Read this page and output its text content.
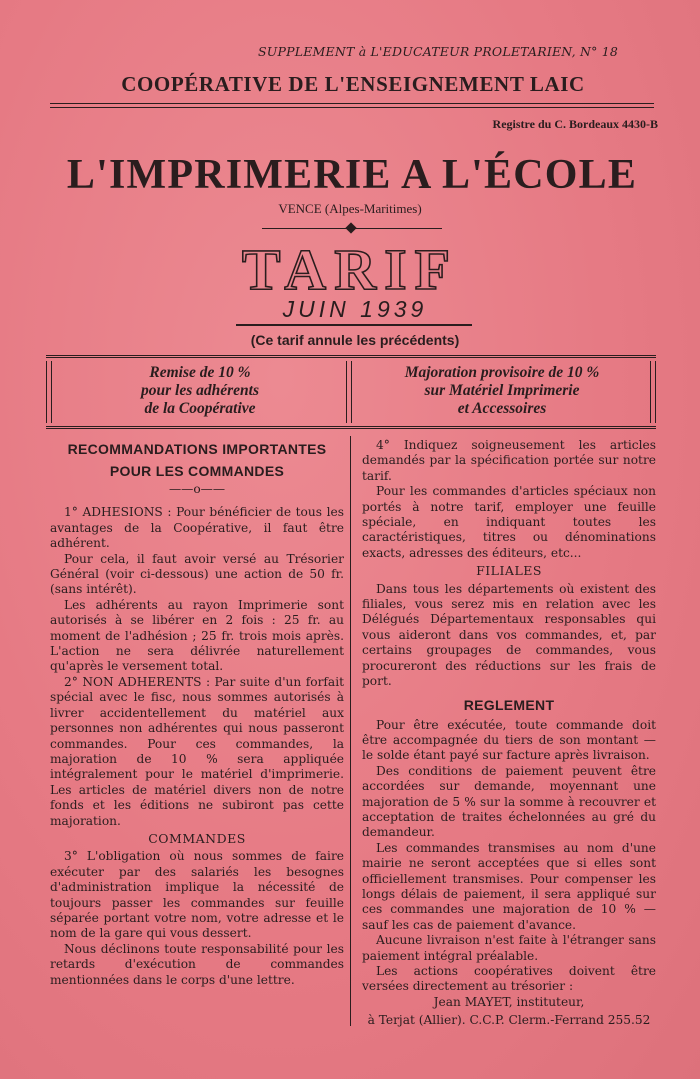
SUPPLEMENT à L'EDUCATEUR PROLETARIEN, N° 18
COOPÉRATIVE DE L'ENSEIGNEMENT LAIC
Registre du C. Bordeaux 4430-B
L'IMPRIMERIE A L'ÉCOLE
VENCE (Alpes-Maritimes)
TARIF
JUIN 1939
(Ce tarif annule les précédents)
Remise de 10 %
pour les adhérents
de la Coopérative
Majoration provisoire de 10 %
sur Matériel Imprimerie
et Accessoires
RECOMMANDATIONS IMPORTANTES
POUR LES COMMANDES
——o——

1° ADHESIONS : Pour bénéficier de tous les avantages de la Coopérative, il faut être adhérent.

Pour cela, il faut avoir versé au Trésorier Général (voir ci-dessous) une action de 50 fr. (sans intérêt).

Les adhérents au rayon Imprimerie sont autorisés à se libérer en 2 fois : 25 fr. au moment de l'adhésion ; 25 fr. trois mois après. L'action ne sera délivrée naturellement qu'après le versement total.

2° NON ADHERENTS : Par suite d'un forfait spécial avec le fisc, nous sommes autorisés à livrer accidentellement du matériel aux personnes non adhérentes qui nous passeront commandes. Pour ces commandes, la majoration de 10 % sera appliquée intégralement pour le matériel d'imprimerie. Les articles de matériel divers non de notre fonds et les éditions ne subiront pas cette majoration.

COMMANDES

3° L'obligation où nous sommes de faire exécuter par des salariés les besognes d'administration implique la nécessité de toujours passer les commandes sur feuille séparée portant votre nom, votre adresse et le nom de la gare qui vous dessert.

Nous déclinons toute responsabilité pour les retards d'exécution de commandes mentionnées dans le corps d'une lettre.

4° Indiquez soigneusement les articles demandés par la spécification portée sur notre tarif.

Pour les commandes d'articles spéciaux non portés à notre tarif, employer une feuille spéciale, en indiquant toutes les caractéristiques, titres ou dénominations exacts, adresses des éditeurs, etc...

FILIALES

Dans tous les départements où existent des filiales, vous serez mis en relation avec les Délégués Départementaux responsables qui vous aideront dans vos commandes, et, par certains groupages de commandes, vous procureront des réductions sur les frais de port.

REGLEMENT

Pour être exécutée, toute commande doit être accompagnée du tiers de son montant — le solde étant payé sur facture après livraison.

Des conditions de paiement peuvent être accordées sur demande, moyennant une majoration de 5 % sur la somme à recouvrer et acceptation de traites échelonnées au gré du demandeur.

Les commandes transmises au nom d'une mairie ne seront acceptées que si elles sont officiellement transmises. Pour compenser les longs délais de paiement, il sera appliqué sur ces commandes une majoration de 10 % — sauf les cas de paiement d'avance.

Aucune livraison n'est faite à l'étranger sans paiement intégral préalable.

Les actions coopératives doivent être versées directement au trésorier :

Jean MAYET, instituteur,
à Terjat (Allier). C.C.P. Clerm.-Ferrand 255.52
